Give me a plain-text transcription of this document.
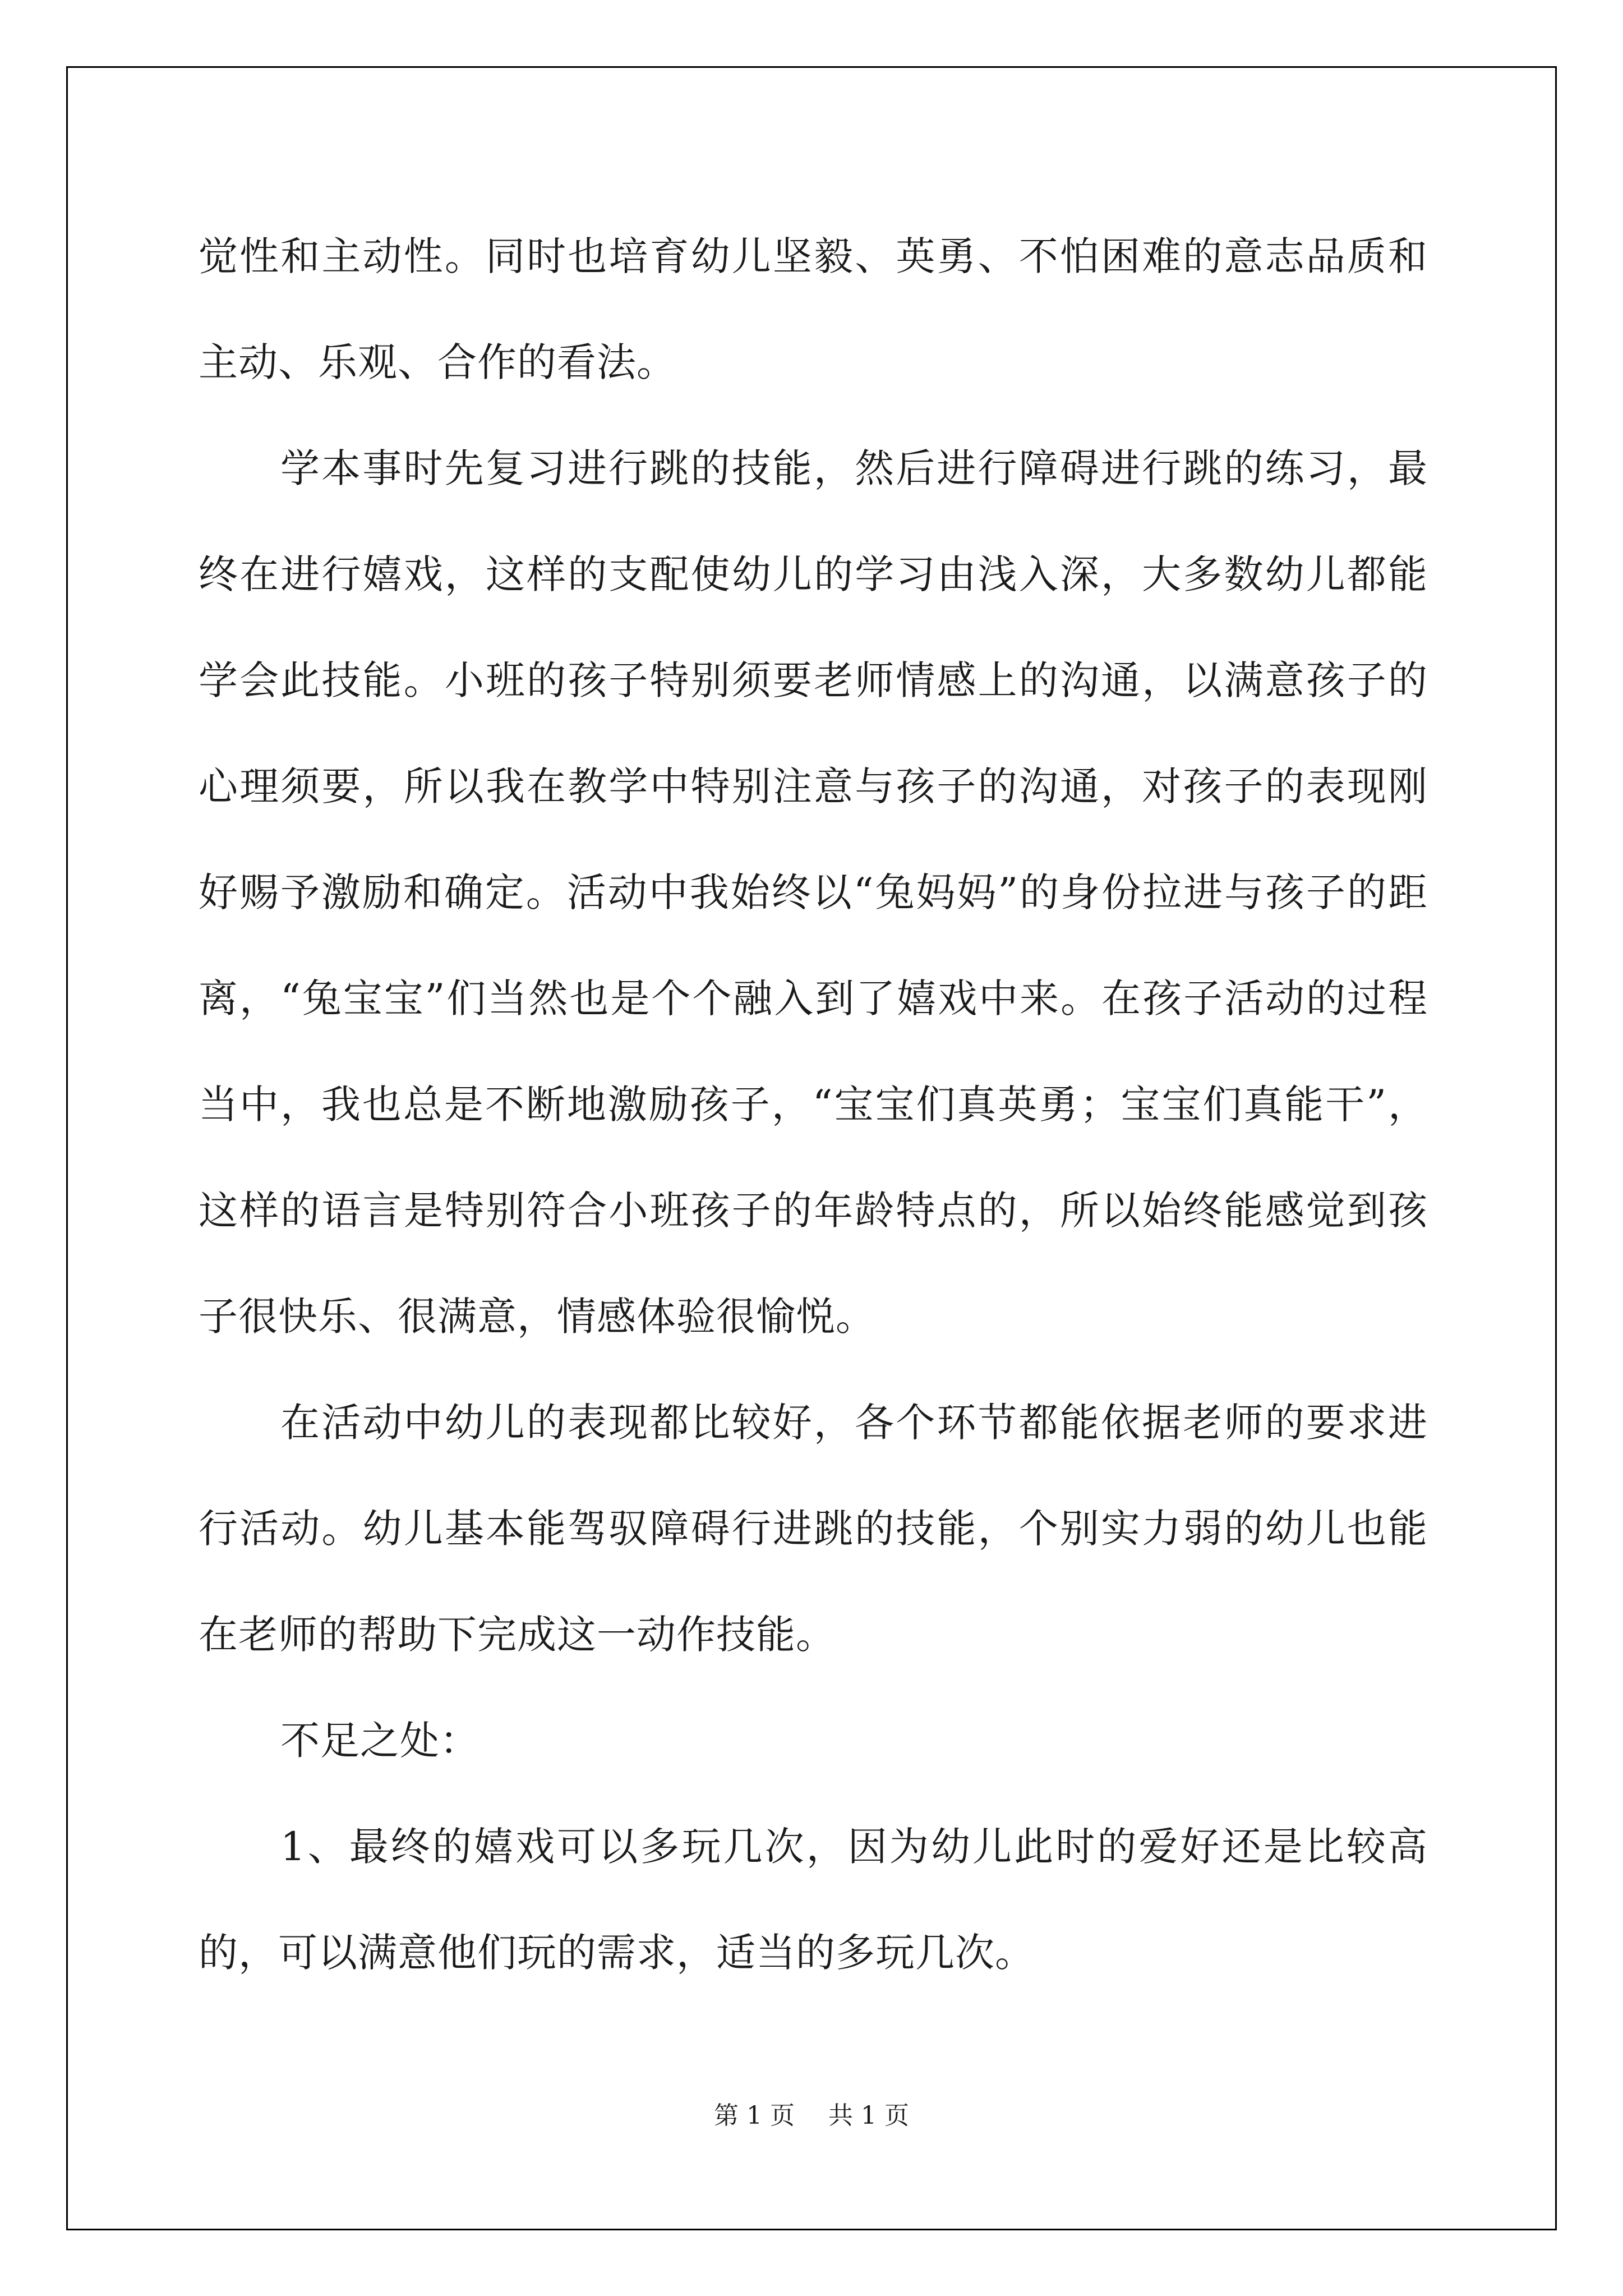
觉性和主动性。同时也培育幼儿坚毅、英勇、不怕困难的意志品质和主动、乐观、合作的看法。

学本事时先复习进行跳的技能，然后进行障碍进行跳的练习，最终在进行嬉戏，这样的支配使幼儿的学习由浅入深，大多数幼儿都能学会此技能。小班的孩子特别须要老师情感上的沟通，以满意孩子的心理须要，所以我在教学中特别注意与孩子的沟通，对孩子的表现刚好赐予激励和确定。活动中我始终以“兔妈妈”的身份拉进与孩子的距离，“兔宝宝”们当然也是个个融入到了嬉戏中来。在孩子活动的过程当中，我也总是不断地激励孩子，“宝宝们真英勇；宝宝们真能干”，这样的语言是特别符合小班孩子的年龄特点的，所以始终能感觉到孩子很快乐、很满意，情感体验很愉悦。

在活动中幼儿的表现都比较好，各个环节都能依据老师的要求进行活动。幼儿基本能驾驭障碍行进跳的技能，个别实力弱的幼儿也能在老师的帮助下完成这一动作技能。

不足之处：

1、最终的嬉戏可以多玩几次，因为幼儿此时的爱好还是比较高的，可以满意他们玩的需求，适当的多玩几次。

第 1 页 共 1 页
